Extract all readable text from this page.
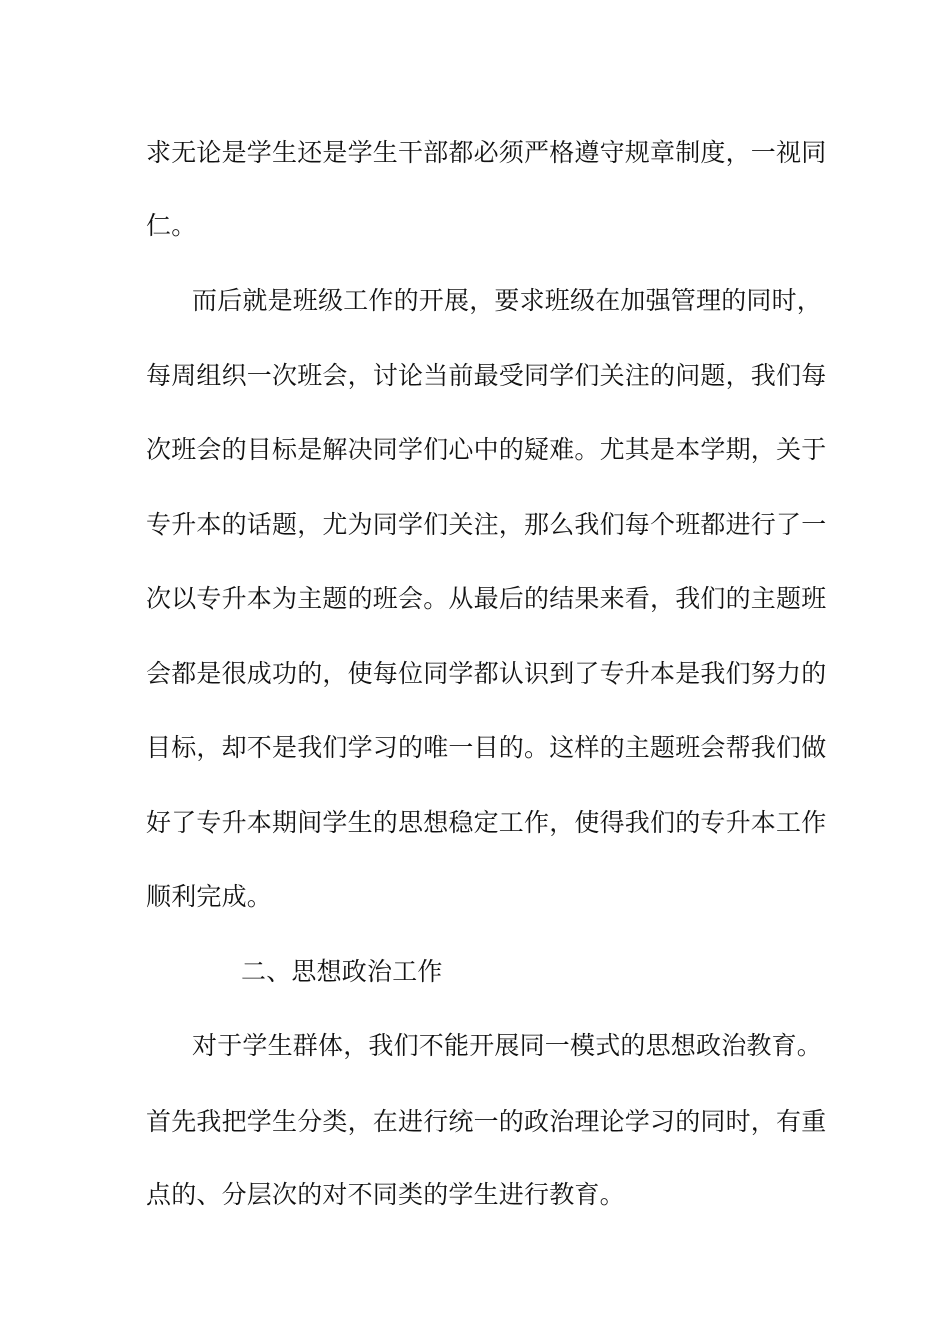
求无论是学生还是学生干部都必须严格遵守规章制度，一视同
仁。
而后就是班级工作的开展，要求班级在加强管理的同时，
每周组织一次班会，讨论当前最受同学们关注的问题，我们每
次班会的目标是解决同学们心中的疑难。尤其是本学期，关于
专升本的话题，尤为同学们关注，那么我们每个班都进行了一
次以专升本为主题的班会。从最后的结果来看，我们的主题班
会都是很成功的，使每位同学都认识到了专升本是我们努力的
目标，却不是我们学习的唯一目的。这样的主题班会帮我们做
好了专升本期间学生的思想稳定工作，使得我们的专升本工作
顺利完成。
二、思想政治工作
对于学生群体，我们不能开展同一模式的思想政治教育。
首先我把学生分类，在进行统一的政治理论学习的同时，有重
点的、分层次的对不同类的学生进行教育。
